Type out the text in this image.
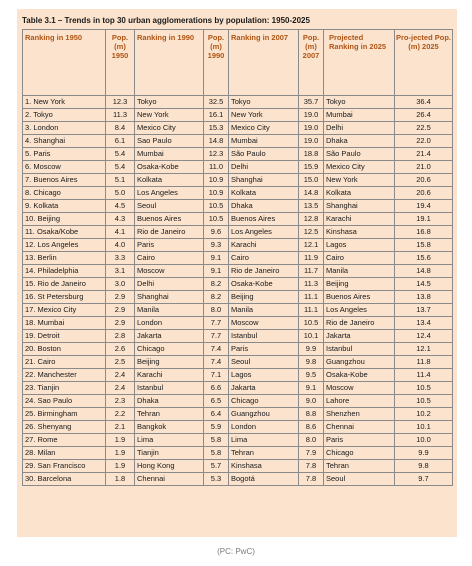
Table 3.1 – Trends in top 30 urban agglomerations by population: 1950-2025
Ranking in 1950	Pop. (m) 1950	Ranking in 1990	Pop. (m) 1990	Ranking in 2007	Pop. (m) 2007	Projected Ranking in 2025	Pro-jected Pop. (m) 2025
1. New York	12.3	Tokyo	32.5	Tokyo	35.7	Tokyo	36.4
2. Tokyo	11.3	New York	16.1	New York	19.0	Mumbai	26.4
3. London	8.4	Mexico City	15.3	Mexico City	19.0	Delhi	22.5
4. Shanghai	6.1	Sao Paulo	14.8	Mumbai	19.0	Dhaka	22.0
5. Paris	5.4	Mumbai	12.3	São Paulo	18.8	São Paulo	21.4
6. Moscow	5.4	Osaka-Kobe	11.0	Delhi	15.9	Mexico City	21.0
7. Buenos Aires	5.1	Kolkata	10.9	Shanghai	15.0	New York	20.6
8. Chicago	5.0	Los Angeles	10.9	Kolkata	14.8	Kolkata	20.6
9. Kolkata	4.5	Seoul	10.5	Dhaka	13.5	Shanghai	19.4
10. Beijing	4.3	Buenos Aires	10.5	Buenos Aires	12.8	Karachi	19.1
11. Osaka/Kobe	4.1	Rio de Janeiro	9.6	Los Angeles	12.5	Kinshasa	16.8
12. Los Angeles	4.0	Paris	9.3	Karachi	12.1	Lagos	15.8
13. Berlin	3.3	Cairo	9.1	Cairo	11.9	Cairo	15.6
14. Philadelphia	3.1	Moscow	9.1	Rio de Janeiro	11.7	Manila	14.8
15. Rio de Janeiro	3.0	Delhi	8.2	Osaka-Kobe	11.3	Beijing	14.5
16. St Petersburg	2.9	Shanghai	8.2	Beijing	11.1	Buenos Aires	13.8
17. Mexico City	2.9	Manila	8.0	Manila	11.1	Los Angeles	13.7
18. Mumbai	2.9	London	7.7	Moscow	10.5	Rio de Janeiro	13.4
19. Detroit	2.8	Jakarta	7.7	Istanbul	10.1	Jakarta	12.4
20. Boston	2.6	Chicago	7.4	Paris	9.9	Istanbul	12.1
21. Cairo	2.5	Beijing	7.4	Seoul	9.8	Guangzhou	11.8
22. Manchester	2.4	Karachi	7.1	Lagos	9.5	Osaka-Kobe	11.4
23. Tianjin	2.4	Istanbul	6.6	Jakarta	9.1	Moscow	10.5
24. Sao Paulo	2.3	Dhaka	6.5	Chicago	9.0	Lahore	10.5
25. Birmingham	2.2	Tehran	6.4	Guangzhou	8.8	Shenzhen	10.2
26. Shenyang	2.1	Bangkok	5.9	London	8.6	Chennai	10.1
27. Rome	1.9	Lima	5.8	Lima	8.0	Paris	10.0
28. Milan	1.9	Tianjin	5.8	Tehran	7.9	Chicago	9.9
29. San Francisco	1.9	Hong Kong	5.7	Kinshasa	7.8	Tehran	9.8
30. Barcelona	1.8	Chennai	5.3	Bogotá	7.8	Seoul	9.7
(PC: PwC)
